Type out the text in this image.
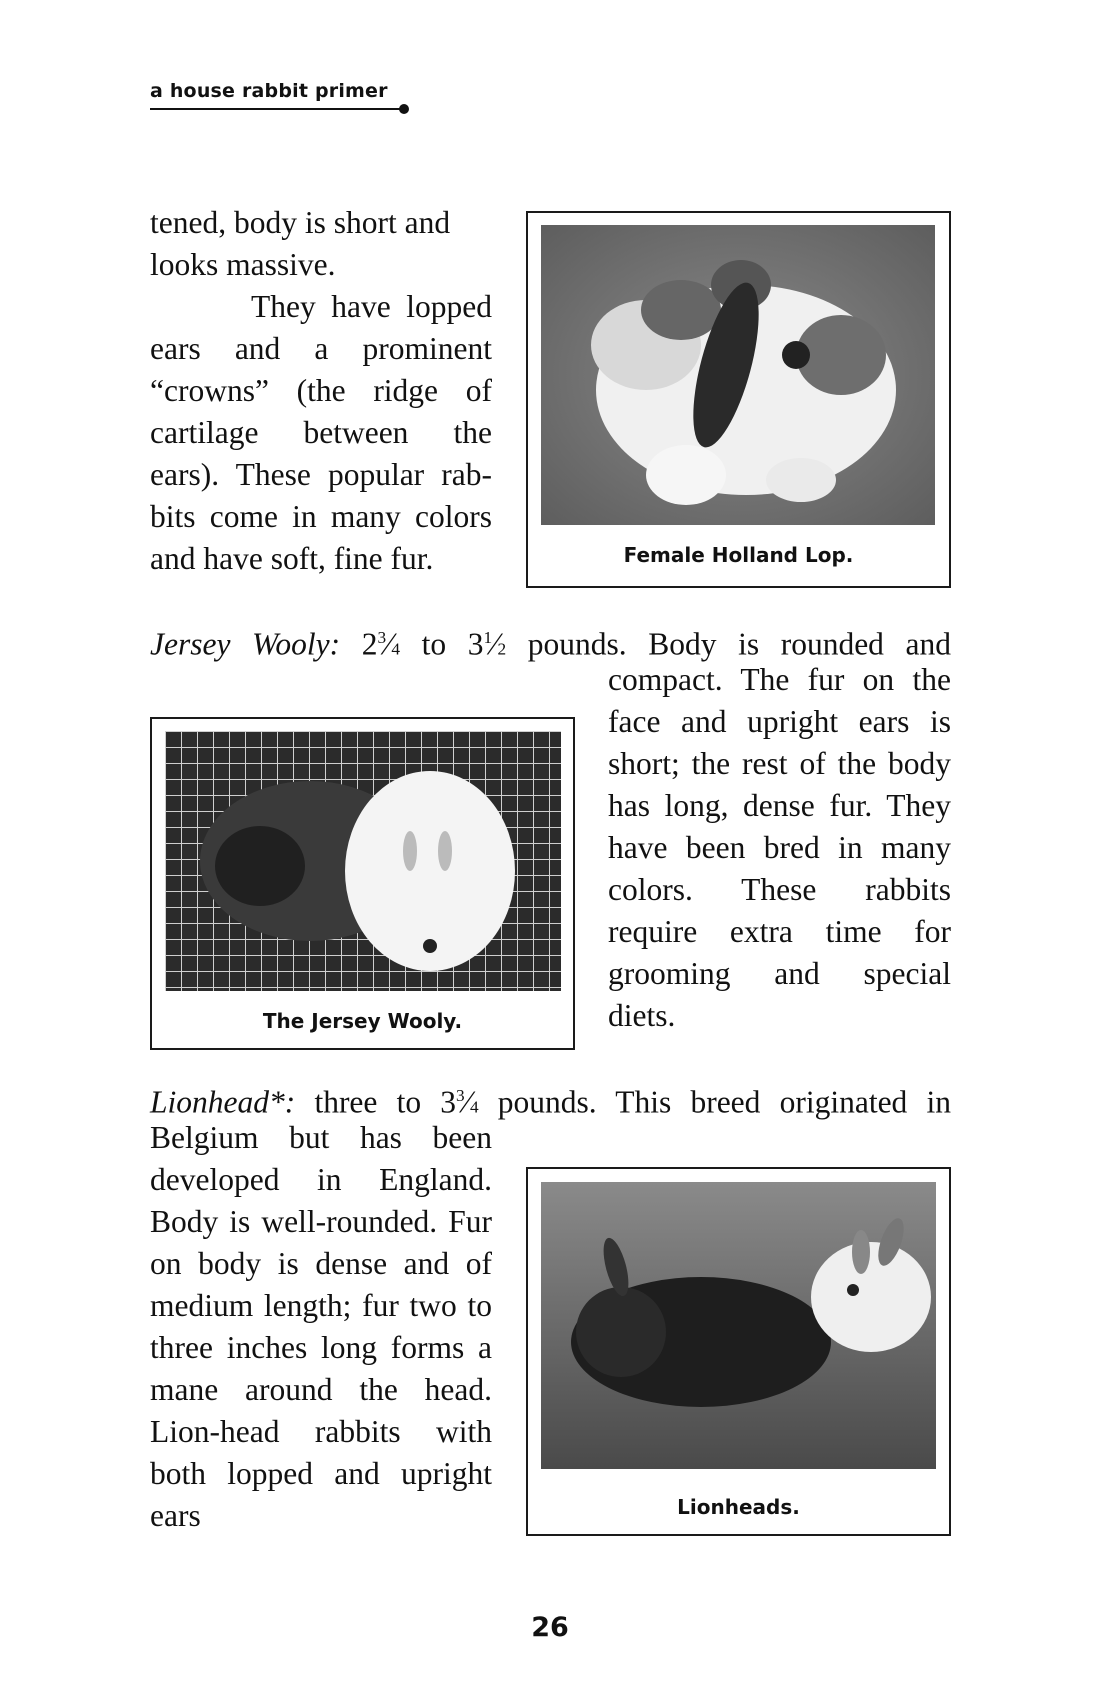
a house rabbit primer

tened, body is short and looks massive.

They have lopped ears and a prominent “crowns” (the ridge of cartilage between the ears). These popular rab-bits come in many colors and have soft, fine fur.	Female Holland Lop.
Jersey Wooly: $2^3⁄4$ to $3^1⁄2$ pounds. Body is rounded and
The Jersey Wooly.
compact. The fur on the face and upright ears is short; the rest of the body has long, dense fur. They have been bred in many colors. These rabbits require extra time for grooming and special diets.
Lionhead*: three to $3^3⁄4$ pounds. This breed originated in
Belgium but has been developed in England. Body is well-rounded. Fur on body is dense and of medium length; fur two to three inches long forms a mane around the head. Lion-head rabbits with both lopped and upright ears	Lionheads.
26
